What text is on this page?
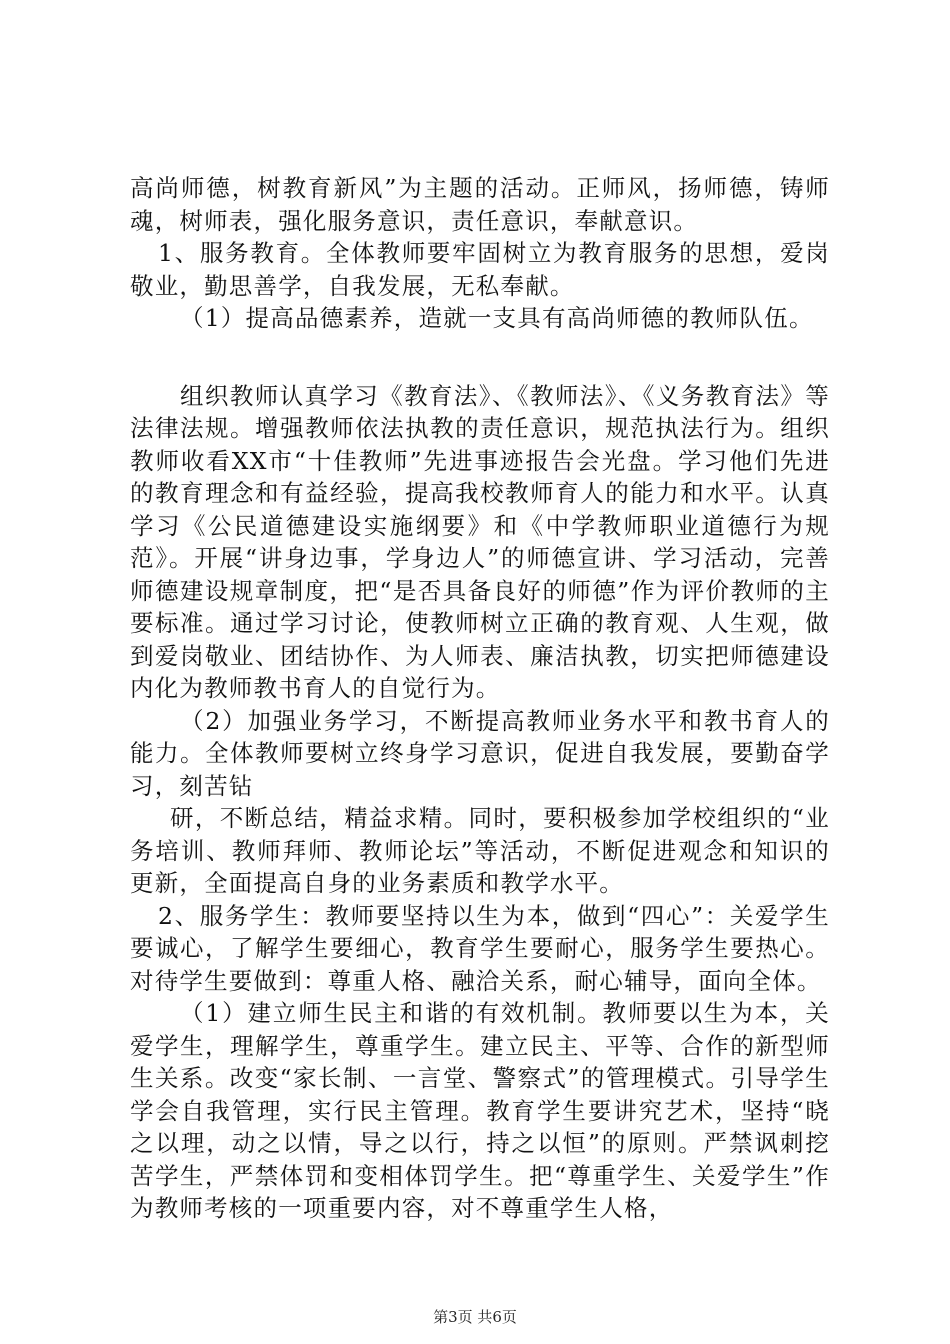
高尚师德，树教育新风”为主题的活动。正师风，扬师德，铸师魂，树师表，强化服务意识，责任意识，奉献意识。

1、服务教育。全体教师要牢固树立为教育服务的思想，爱岗敬业，勤思善学，自我发展，无私奉献。

（1）提高品德素养，造就一支具有高尚师德的教师队伍。

组织教师认真学习《教育法》、《教师法》、《义务教育法》等法律法规。增强教师依法执教的责任意识，规范执法行为。组织教师收看XX市“十佳教师”先进事迹报告会光盘。学习他们先进的教育理念和有益经验，提高我校教师育人的能力和水平。认真学习《公民道德建设实施纲要》和《中学教师职业道德行为规范》。开展“讲身边事，学身边人”的师德宣讲、学习活动，完善师德建设规章制度，把“是否具备良好的师德”作为评价教师的主要标准。通过学习讨论，使教师树立正确的教育观、人生观，做到爱岗敬业、团结协作、为人师表、廉洁执教，切实把师德建设内化为教师教书育人的自觉行为。

（2）加强业务学习，不断提高教师业务水平和教书育人的能力。全体教师要树立终身学习意识，促进自我发展，要勤奋学习，刻苦钻

研，不断总结，精益求精。同时，要积极参加学校组织的“业务培训、教师拜师、教师论坛”等活动，不断促进观念和知识的更新，全面提高自身的业务素质和教学水平。

2、服务学生：教师要坚持以生为本，做到“四心”：关爱学生要诚心，了解学生要细心，教育学生要耐心，服务学生要热心。对待学生要做到：尊重人格、融洽关系，耐心辅导，面向全体。

（1）建立师生民主和谐的有效机制。教师要以生为本，关爱学生，理解学生，尊重学生。建立民主、平等、合作的新型师生关系。改变“家长制、一言堂、警察式”的管理模式。引导学生学会自我管理，实行民主管理。教育学生要讲究艺术，坚持“晓之以理，动之以情，导之以行，持之以恒”的原则。严禁讽刺挖苦学生，严禁体罚和变相体罚学生。把“尊重学生、关爱学生”作为教师考核的一项重要内容，对不尊重学生人格，

第3页 共6页
